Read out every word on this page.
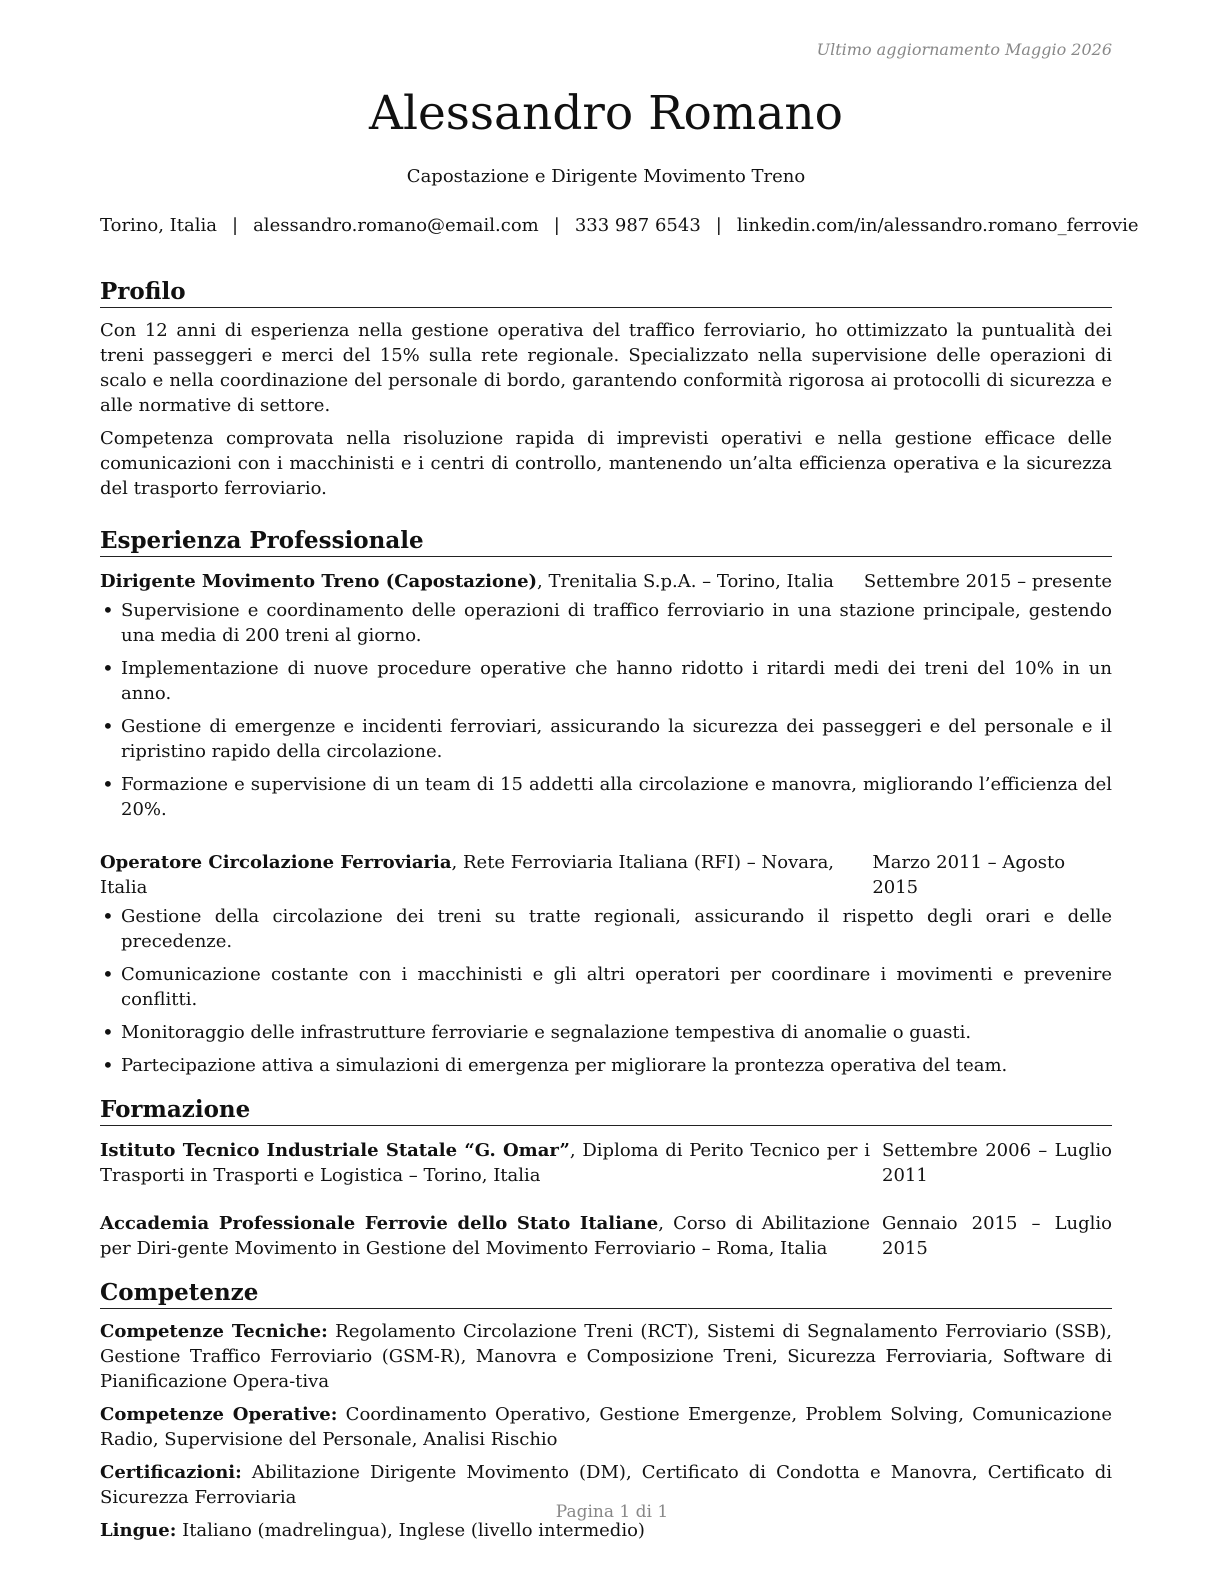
Ultimo aggiornamento Maggio 2026

Alessandro Romano
Capostazione e Dirigente Movimento Treno
Torino, Italia | alessandro.romano@email.com | 333 987 6543 | linkedin.com/in/alessandro.romano_ferrovie
Profilo

Con 12 anni di esperienza nella gestione operativa del traffico ferroviario, ho ottimizzato la puntualità dei treni passeggeri e merci del 15% sulla rete regionale. Specializzato nella supervisione delle operazioni di scalo e nella coordinazione del personale di bordo, garantendo conformità rigorosa ai protocolli di sicurezza e alle normative di settore.

Competenza comprovata nella risoluzione rapida di imprevisti operativi e nella gestione efficace delle comunicazioni con i macchinisti e i centri di controllo, mantenendo un’alta efficienza operativa e la sicurezza del trasporto ferroviario.

Esperienza Professionale
Dirigente Movimento Treno (Capostazione), Trenitalia S.p.A. – Torino, Italia Settembre 2015 – presente
• Supervisione e coordinamento delle operazioni di traffico ferroviario in una stazione principale, gestendo una media di 200 treni al giorno.
• Implementazione di nuove procedure operative che hanno ridotto i ritardi medi dei treni del 10% in un anno.
• Gestione di emergenze e incidenti ferroviari, assicurando la sicurezza dei passeggeri e del personale e il ripristino rapido della circolazione.
• Formazione e supervisione di un team di 15 addetti alla circolazione e manovra, migliorando l’efficienza del 20%.
Operatore Circolazione Ferroviaria, Rete Ferroviaria Italiana (RFI) – Novara, Italia
Marzo 2011 – Agosto 2015
• Gestione della circolazione dei treni su tratte regionali, assicurando il rispetto degli orari e delle precedenze.
• Comunicazione costante con i macchinisti e gli altri operatori per coordinare i movimenti e prevenire conflitti.
• Monitoraggio delle infrastrutture ferroviarie e segnalazione tempestiva di anomalie o guasti.
• Partecipazione attiva a simulazioni di emergenza per migliorare la prontezza operativa del team.
Formazione
Istituto Tecnico Industriale Statale “G. Omar”, Diploma di Perito Tecnico per i Trasporti in Trasporti e Logistica – Torino, Italia
Settembre 2006 – Luglio 2011
Accademia Professionale Ferrovie dello Stato Italiane, Corso di Abilitazione per Diri-gente Movimento in Gestione del Movimento Ferroviario – Roma, Italia
Gennaio 2015 – Luglio 2015
Competenze
Competenze Tecniche: Regolamento Circolazione Treni (RCT), Sistemi di Segnalamento Ferroviario (SSB), Gestione Traffico Ferroviario (GSM-R), Manovra e Composizione Treni, Sicurezza Ferroviaria, Software di Pianificazione Opera-tiva
Competenze Operative: Coordinamento Operativo, Gestione Emergenze, Problem Solving, Comunicazione Radio, Supervisione del Personale, Analisi Rischio
Certificazioni: Abilitazione Dirigente Movimento (DM), Certificato di Condotta e Manovra, Certificato di Sicurezza Ferroviaria
Lingue: Italiano (madrelingua), Inglese (livello intermedio)
Pagina 1 di 1
